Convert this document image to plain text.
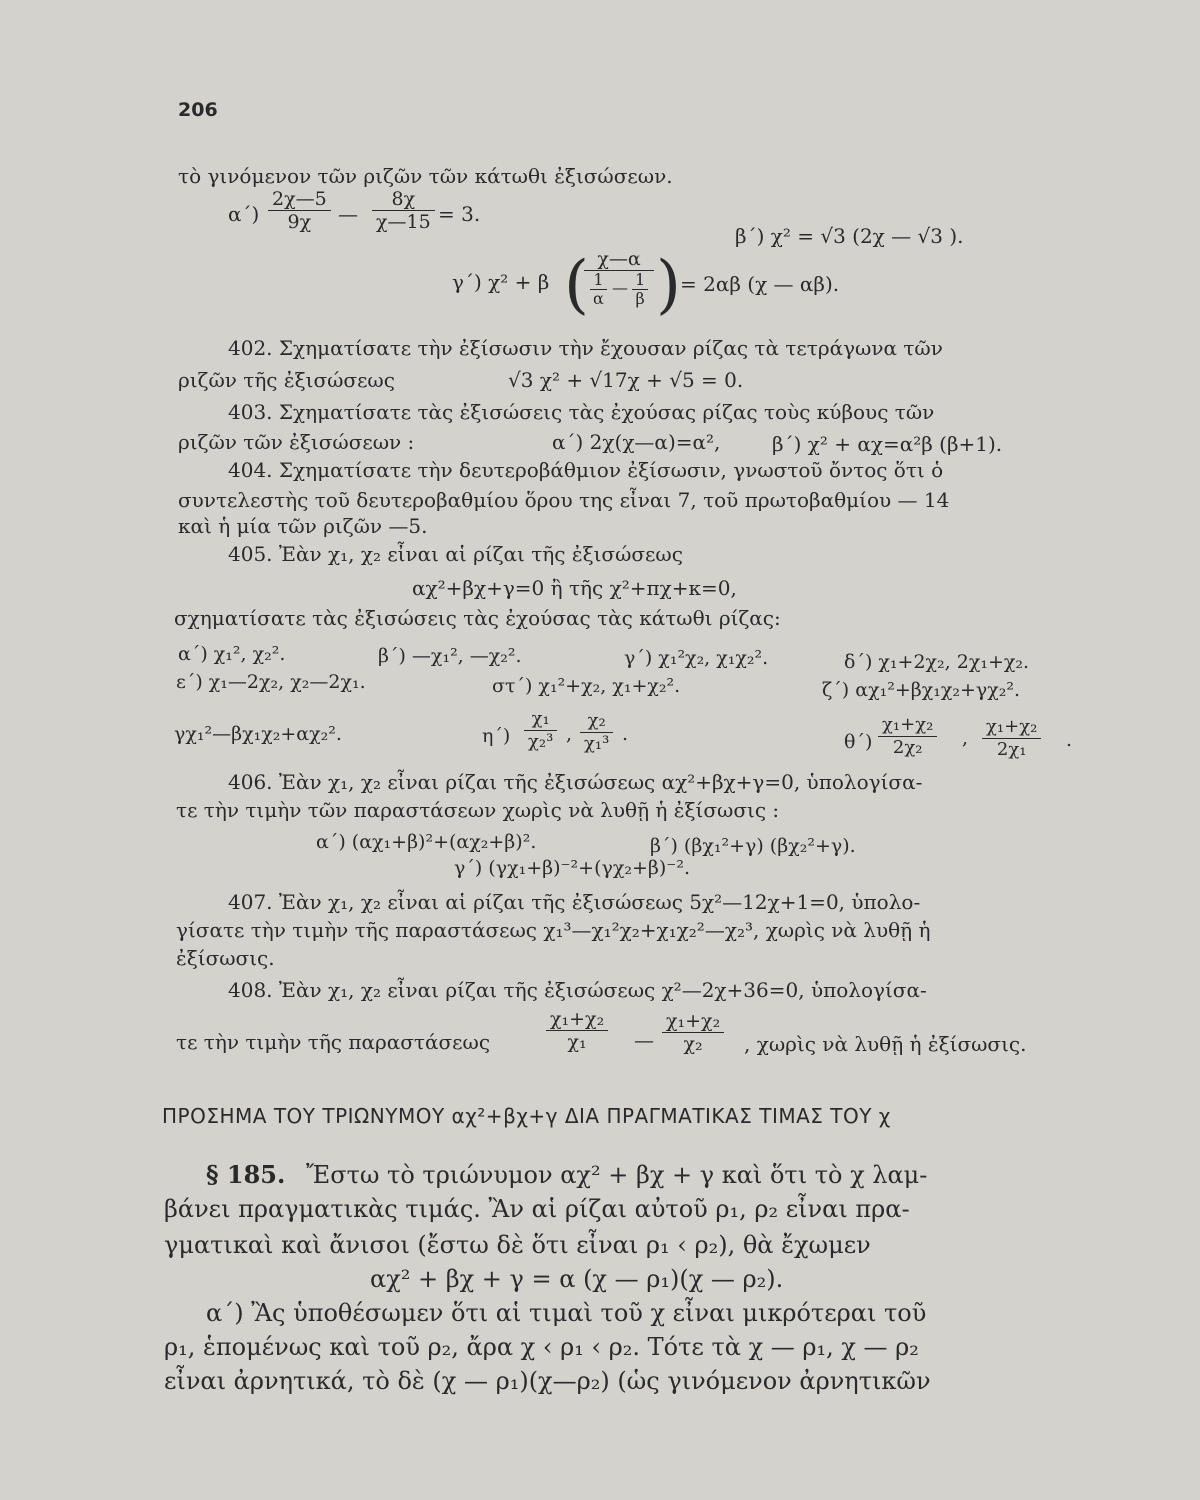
206
τὸ γινόμενον τῶν ριζῶν τῶν κάτωθι ἐξισώσεων.
$\alpha΄) \frac{2\chi—5}{9\chi}$ — $\frac{8\chi}{\chi—15} = 3$.
β΄) χ² = √3 (2χ — √3 ).
γ΄) χ² + β (
$\frac{\chi—\alpha}{\frac{1}{\alpha} — \frac{1}{\beta}}$ ) = 2αβ (χ — αβ).
402. Σχηματίσατε τὴν ἐξίσωσιν τὴν ἔχουσαν ρίζας τὰ τετράγωνα τῶν
ριζῶν τῆς ἐξισώσεως	√3 χ² + √17χ + √5 = 0.
403. Σχηματίσατε τὰς ἐξισώσεις τὰς ἐχούσας ρίζας τοὺς κύβους τῶν
ριζῶν τῶν ἐξισώσεων :	α΄) 2χ(χ—α)=α²,	β΄) χ² + αχ=α²β (β+1).
404. Σχηματίσατε τὴν δευτεροβάθμιον ἐξίσωσιν, γνωστοῦ ὄντος ὅτι ὁ
συντελεστὴς τοῦ δευτεροβαθμίου ὅρου της εἶναι 7, τοῦ πρωτοβαθμίου — 14
καὶ ἡ μία τῶν ριζῶν —5.
405. Ἐὰν χ₁, χ₂ εἶναι αἱ ρίζαι τῆς ἐξισώσεως
αχ²+βχ+γ=0 ἢ τῆς χ²+πχ+κ=0,
σχηματίσατε τὰς ἐξισώσεις τὰς ἐχούσας τὰς κάτωθι ρίζας:
α΄) χ₁², χ₂².	β΄) —χ₁², —χ₂².	γ΄) χ₁²χ₂, χ₁χ₂².	δ΄) χ₁+2χ₂, 2χ₁+χ₂.
ε΄) χ₁—2χ₂, χ₂—2χ₁.	στ΄) χ₁²+χ₂, χ₁+χ₂².	ζ΄) αχ₁²+βχ₁χ₂+γχ₂².
γχ₁²—βχ₁χ₂+αχ₂².	$\eta΄) \frac{\text{χ₁}}{\text{χ₂³}}$ , $\frac{\text{χ₂}}{\text{χ₁³}}$ .	$\theta΄) \frac{\text{χ₁+χ₂}}{\text{2χ₂}}$ , $\frac{\text{χ₁+χ₂}}{\text{2χ₁}}$ .
406. Ἐὰν χ₁, χ₂ εἶναι ρίζαι τῆς ἐξισώσεως αχ²+βχ+γ=0, ὑπολογίσα-
τε τὴν τιμὴν τῶν παραστάσεων χωρὶς νὰ λυθῇ ἡ ἐξίσωσις :
α΄) (αχ₁+β)²+(αχ₂+β)².	β΄) (βχ₁²+γ) (βχ₂²+γ).
γ΄) (γχ₁+β)⁻²+(γχ₂+β)⁻².
407. Ἐὰν χ₁, χ₂ εἶναι αἱ ρίζαι τῆς ἐξισώσεως 5χ²—12χ+1=0, ὑπολο-
γίσατε τὴν τιμὴν τῆς παραστάσεως χ₁³—χ₁²χ₂+χ₁χ₂²—χ₂³, χωρὶς νὰ λυθῇ ἡ
ἐξίσωσις.
408. Ἐὰν χ₁, χ₂ εἶναι ρίζαι τῆς ἐξισώσεως χ²—2χ+36=0, ὑπολογίσα-
τε τὴν τιμὴν τῆς παραστάσεως	$\frac{\text{χ₁+χ₂}}{\text{χ₁}}$ — $\frac{\text{χ₁+χ₂}}{\text{χ₂}}$ , χωρὶς νὰ λυθῇ ἡ ἐξίσωσις.
ΠΡΟΣΗΜΑ ΤΟΥ ΤΡΙΩΝΥΜΟΥ αχ²+βχ+γ ΔΙΑ ΠΡΑΓΜΑΤΙΚΑΣ ΤΙΜΑΣ ΤΟΥ χ
§ 185. Ἔστω τὸ τριώνυμον αχ² + βχ + γ καὶ ὅτι τὸ χ λαμ-
βάνει πραγματικὰς τιμάς. Ἂν αἱ ρίζαι αὐτοῦ ρ₁, ρ₂ εἶναι πρα-
γματικαὶ καὶ ἄνισοι (ἔστω δὲ ὅτι εἶναι ρ₁ ‹ ρ₂), θὰ ἔχωμεν
αχ² + βχ + γ = α (χ — ρ₁)(χ — ρ₂).
α΄) Ἂς ὑποθέσωμεν ὅτι αἱ τιμαὶ τοῦ χ εἶναι μικρότεραι τοῦ
ρ₁, ἑπομένως καὶ τοῦ ρ₂, ἄρα χ ‹ ρ₁ ‹ ρ₂. Τότε τὰ χ — ρ₁, χ — ρ₂
εἶναι ἀρνητικά, τὸ δὲ (χ — ρ₁)(χ—ρ₂) (ὡς γινόμενον ἀρνητικῶν
